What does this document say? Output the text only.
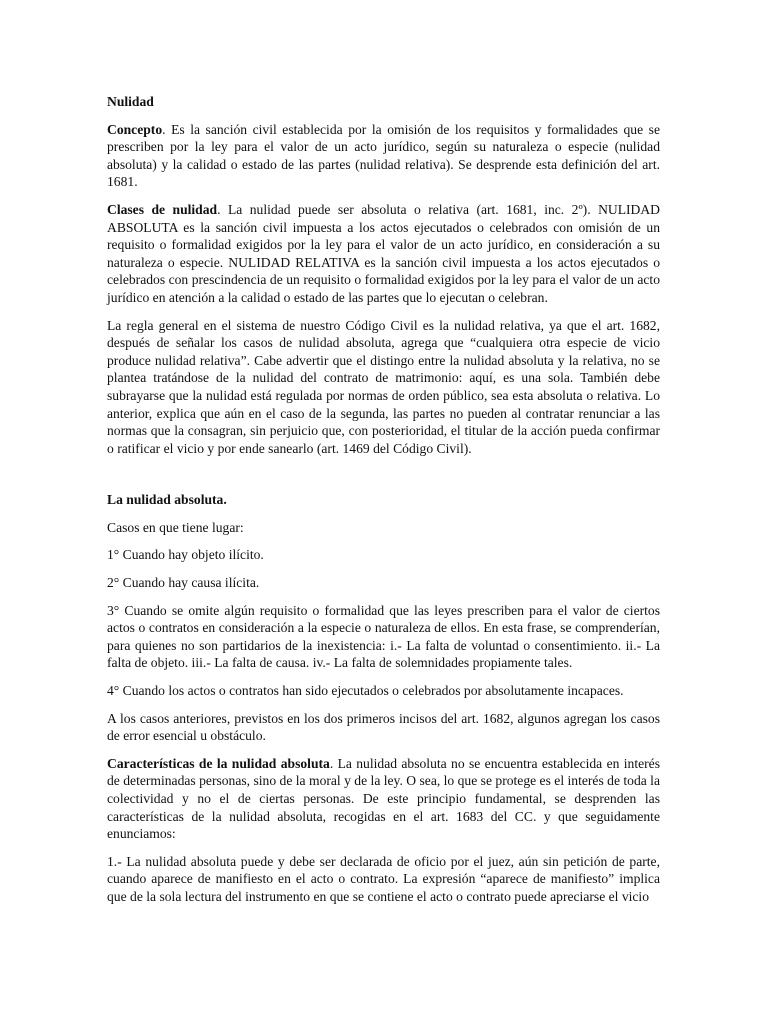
Nulidad

Concepto. Es la sanción civil establecida por la omisión de los requisitos y formalidades que se prescriben por la ley para el valor de un acto jurídico, según su naturaleza o especie (nulidad absoluta) y la calidad o estado de las partes (nulidad relativa). Se desprende esta definición del art. 1681.

Clases de nulidad. La nulidad puede ser absoluta o relativa (art. 1681, inc. 2º). NULIDAD ABSOLUTA es la sanción civil impuesta a los actos ejecutados o celebrados con omisión de un requisito o formalidad exigidos por la ley para el valor de un acto jurídico, en consideración a su naturaleza o especie. NULIDAD RELATIVA es la sanción civil impuesta a los actos ejecutados o celebrados con prescindencia de un requisito o formalidad exigidos por la ley para el valor de un acto jurídico en atención a la calidad o estado de las partes que lo ejecutan o celebran.

La regla general en el sistema de nuestro Código Civil es la nulidad relativa, ya que el art. 1682, después de señalar los casos de nulidad absoluta, agrega que “cualquiera otra especie de vicio produce nulidad relativa”. Cabe advertir que el distingo entre la nulidad absoluta y la relativa, no se plantea tratándose de la nulidad del contrato de matrimonio: aquí, es una sola. También debe subrayarse que la nulidad está regulada por normas de orden público, sea esta absoluta o relativa. Lo anterior, explica que aún en el caso de la segunda, las partes no pueden al contratar renunciar a las normas que la consagran, sin perjuicio que, con posterioridad, el titular de la acción pueda confirmar o ratificar el vicio y por ende sanearlo (art. 1469 del Código Civil).

La nulidad absoluta.

Casos en que tiene lugar:

1° Cuando hay objeto ilícito.

2° Cuando hay causa ilícita.

3° Cuando se omite algún requisito o formalidad que las leyes prescriben para el valor de ciertos actos o contratos en consideración a la especie o naturaleza de ellos. En esta frase, se comprenderían, para quienes no son partidarios de la inexistencia: i.- La falta de voluntad o consentimiento. ii.- La falta de objeto. iii.- La falta de causa. iv.- La falta de solemnidades propiamente tales.

4° Cuando los actos o contratos han sido ejecutados o celebrados por absolutamente incapaces.

A los casos anteriores, previstos en los dos primeros incisos del art. 1682, algunos agregan los casos de error esencial u obstáculo.

Características de la nulidad absoluta. La nulidad absoluta no se encuentra establecida en interés de determinadas personas, sino de la moral y de la ley. O sea, lo que se protege es el interés de toda la colectividad y no el de ciertas personas. De este principio fundamental, se desprenden las características de la nulidad absoluta, recogidas en el art. 1683 del CC. y que seguidamente enunciamos:

1.- La nulidad absoluta puede y debe ser declarada de oficio por el juez, aún sin petición de parte, cuando aparece de manifiesto en el acto o contrato. La expresión “aparece de manifiesto” implica que de la sola lectura del instrumento en que se contiene el acto o contrato puede apreciarse el vicio
